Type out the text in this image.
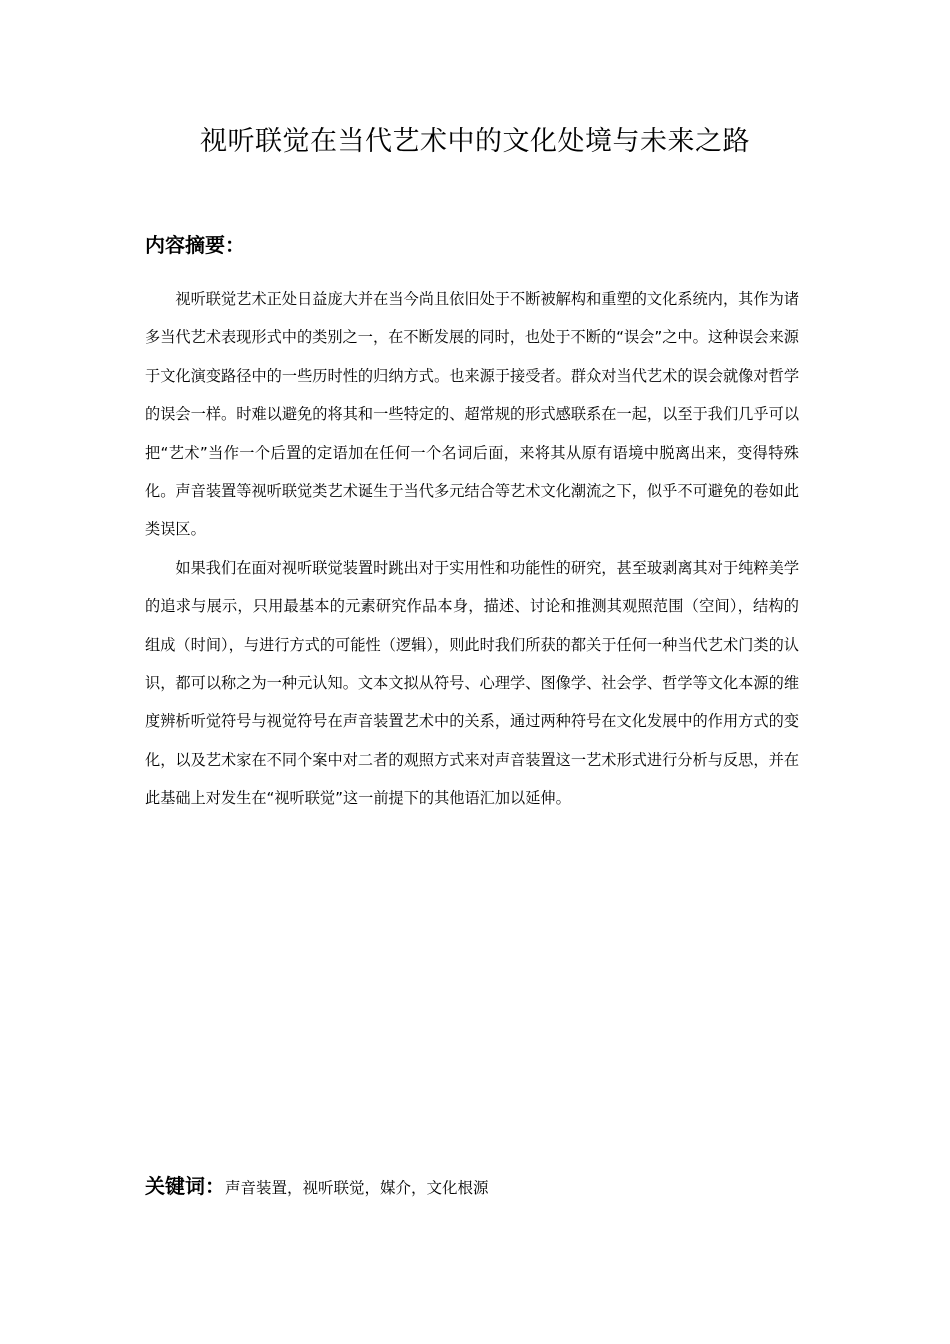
视听联觉在当代艺术中的文化处境与未来之路
内容摘要：

视听联觉艺术正处日益庞大并在当今尚且依旧处于不断被解构和重塑的文化系统内，其作为诸多当代艺术表现形式中的类别之一，在不断发展的同时，也处于不断的“误会”之中。这种误会来源于文化演变路径中的一些历时性的归纳方式。也来源于接受者。群众对当代艺术的误会就像对哲学的误会一样。时难以避免的将其和一些特定的、超常规的形式感联系在一起，以至于我们几乎可以把“艺术”当作一个后置的定语加在任何一个名词后面，来将其从原有语境中脱离出来，变得特殊化。声音装置等视听联觉类艺术诞生于当代多元结合等艺术文化潮流之下，似乎不可避免的卷如此类误区。

如果我们在面对视听联觉装置时跳出对于实用性和功能性的研究，甚至玻剥离其对于纯粹美学的追求与展示，只用最基本的元素研究作品本身，描述、讨论和推测其观照范围（空间），结构的组成（时间），与进行方式的可能性（逻辑），则此时我们所获的都关于任何一种当代艺术门类的认识，都可以称之为一种元认知。文本文拟从符号、心理学、图像学、社会学、哲学等文化本源的维度辨析听觉符号与视觉符号在声音装置艺术中的关系，通过两种符号在文化发展中的作用方式的变化，以及艺术家在不同个案中对二者的观照方式来对声音装置这一艺术形式进行分析与反思，并在此基础上对发生在“视听联觉”这一前提下的其他语汇加以延伸。

关键词：声音装置，视听联觉，媒介，文化根源
